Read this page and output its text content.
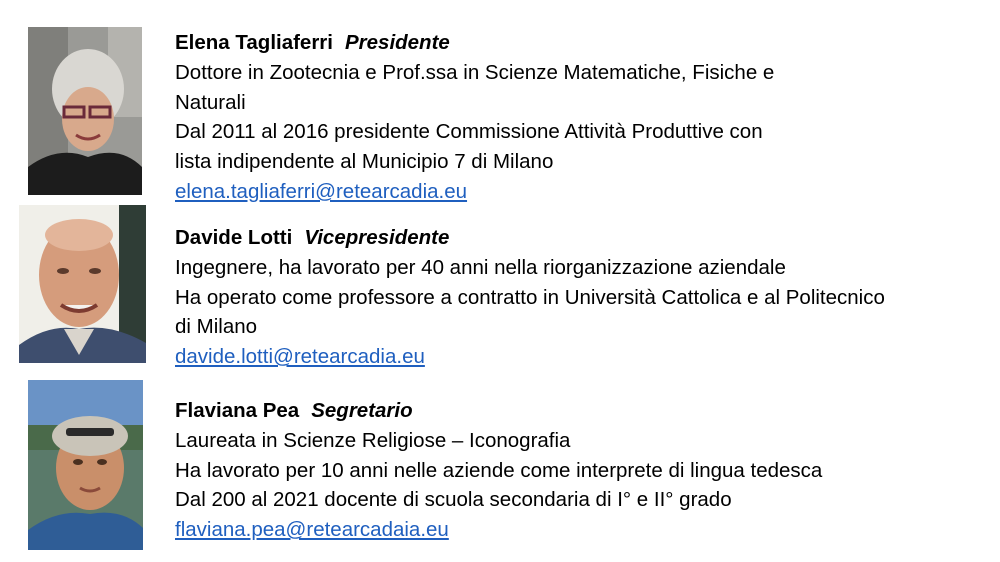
Elena Tagliaferri Presidente
Dottore in Zootecnia e Prof.ssa in Scienze Matematiche, Fisiche e
Naturali
Dal 2011 al 2016 presidente Commissione Attività Produttive con
lista indipendente al Municipio 7 di Milano
elena.tagliaferri@retearcadia.eu
Davide Lotti Vicepresidente
Ingegnere, ha lavorato per 40 anni nella riorganizzazione aziendale
Ha operato come professore a contratto in Università Cattolica e al Politecnico
di Milano
davide.lotti@retearcadia.eu
Flaviana Pea Segretario
Laureata in Scienze Religiose – Iconografia
Ha lavorato per 10 anni nelle aziende come interprete di lingua tedesca
Dal 200 al 2021 docente di scuola secondaria di I° e II° grado
flaviana.pea@retearcadaia.eu
